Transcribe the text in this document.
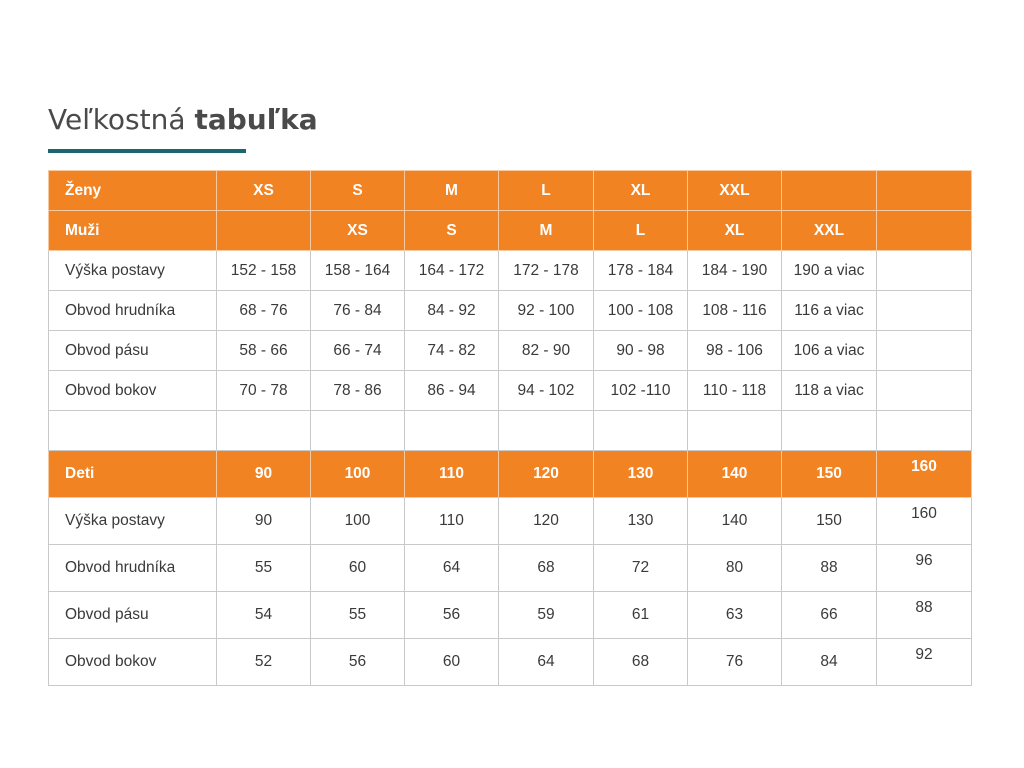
Veľkostná tabuľka
Ženy	XS	S	M	L	XL	XXL		
Muži		XS	S	M	L	XL	XXL	
Výška postavy	152 - 158	158 - 164	164 - 172	172 - 178	178 - 184	184 - 190	190 a viac	
Obvod hrudníka	68 - 76	76 - 84	84 - 92	92 - 100	100 - 108	108 - 116	116 a viac	
Obvod pásu	58 - 66	66 - 74	74 - 82	82 - 90	90 - 98	98 - 106	106 a viac	
Obvod bokov	70 - 78	78 - 86	86 - 94	94 - 102	102 -110	110 - 118	118 a viac	

Deti	90	100	110	120	130	140	150	160
Výška postavy	90	100	110	120	130	140	150	160
Obvod hrudníka	55	60	64	68	72	80	88	96
Obvod pásu	54	55	56	59	61	63	66	88
Obvod bokov	52	56	60	64	68	76	84	92
